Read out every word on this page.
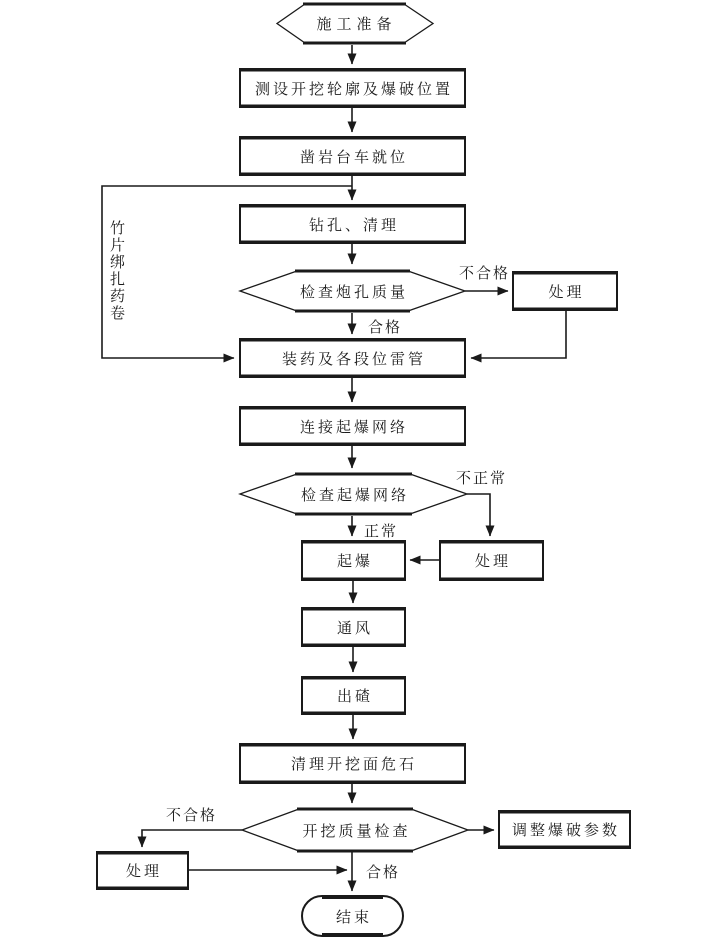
施工准备
测设开挖轮廓及爆破位置
凿岩台车就位
钻孔、清理
检查炮孔质量	处理
装药及各段位雷管
连接起爆网络
检查起爆网络
起爆	处理
通风
出碴
清理开挖面危石
开挖质量检查	调整爆破参数
处理
结束
不合格
合格
不正常
正常
不合格
合格
竹片绑扎药卷
